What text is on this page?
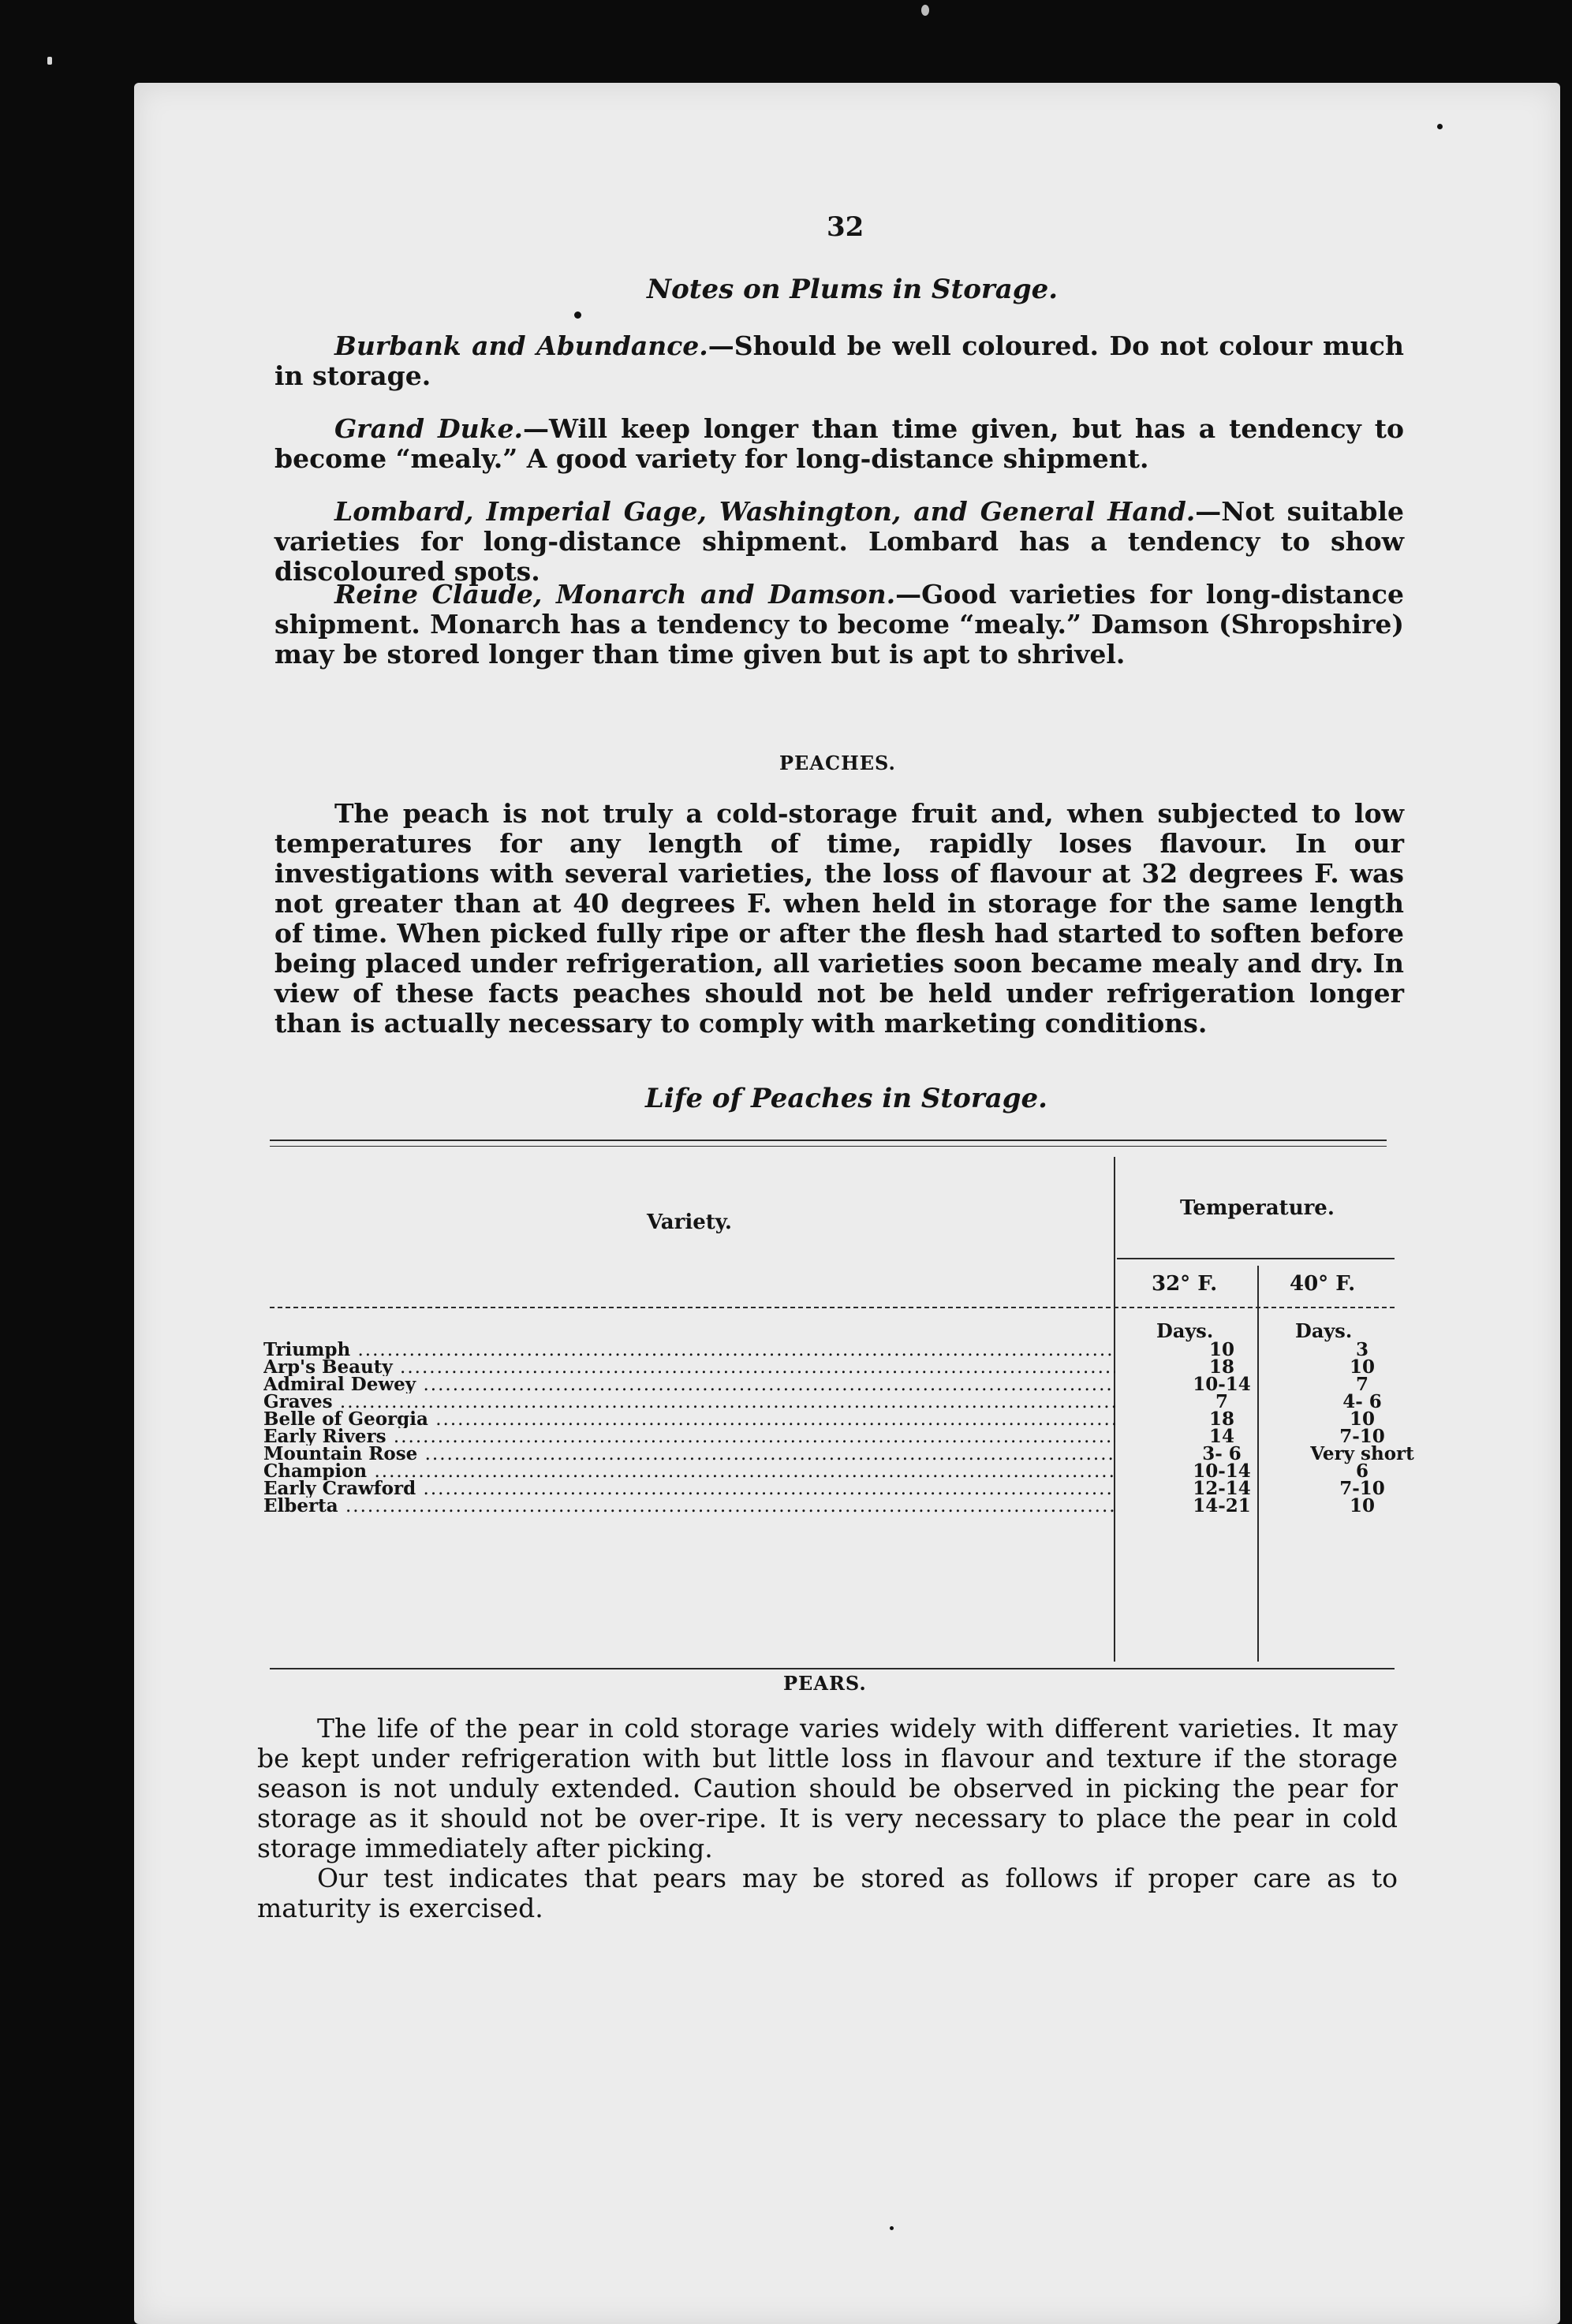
32
Notes on Plums in Storage.
Burbank and Abundance.—Should be well coloured. Do not colour much in storage.
Grand Duke.—Will keep longer than time given, but has a tendency to become “mealy.” A good variety for long-distance shipment.
Lombard, Imperial Gage, Washington, and General Hand.—Not suitable varieties for long-distance shipment. Lombard has a tendency to show discoloured spots.
Reine Claude, Monarch and Damson.—Good varieties for long-distance shipment. Monarch has a tendency to become “mealy.” Damson (Shropshire) may be stored longer than time given but is apt to shrivel.
PEACHES.
The peach is not truly a cold-storage fruit and, when subjected to low temperatures for any length of time, rapidly loses flavour. In our investigations with several varieties, the loss of flavour at 32 degrees F. was not greater than at 40 degrees F. when held in storage for the same length of time. When picked fully ripe or after the flesh had started to soften before being placed under refrigeration, all varieties soon became mealy and dry. In view of these facts peaches should not be held under refrigeration longer than is actually necessary to comply with marketing conditions.
Life of Peaches in Storage.
Variety.
Temperature.
32° F.	40° F.
Days.	Days.
Triumph .....	10	3
Arp's Beauty .....	18	10
Admiral Dewey .....	10-14	7
Graves .....	7	4- 6
Belle of Georgia .....	18	10
Early Rivers .....	14	7-10
Mountain Rose .....	3- 6	Very short
Champion .....	10-14	6
Early Crawford .....	12-14	7-10
Elberta .....	14-21	10
PEARS.
The life of the pear in cold storage varies widely with different varieties. It may be kept under refrigeration with but little loss in flavour and texture if the storage season is not unduly extended. Caution should be observed in picking the pear for storage as it should not be over-ripe. It is very necessary to place the pear in cold storage immediately after picking.
Our test indicates that pears may be stored as follows if proper care as to maturity is exercised.
